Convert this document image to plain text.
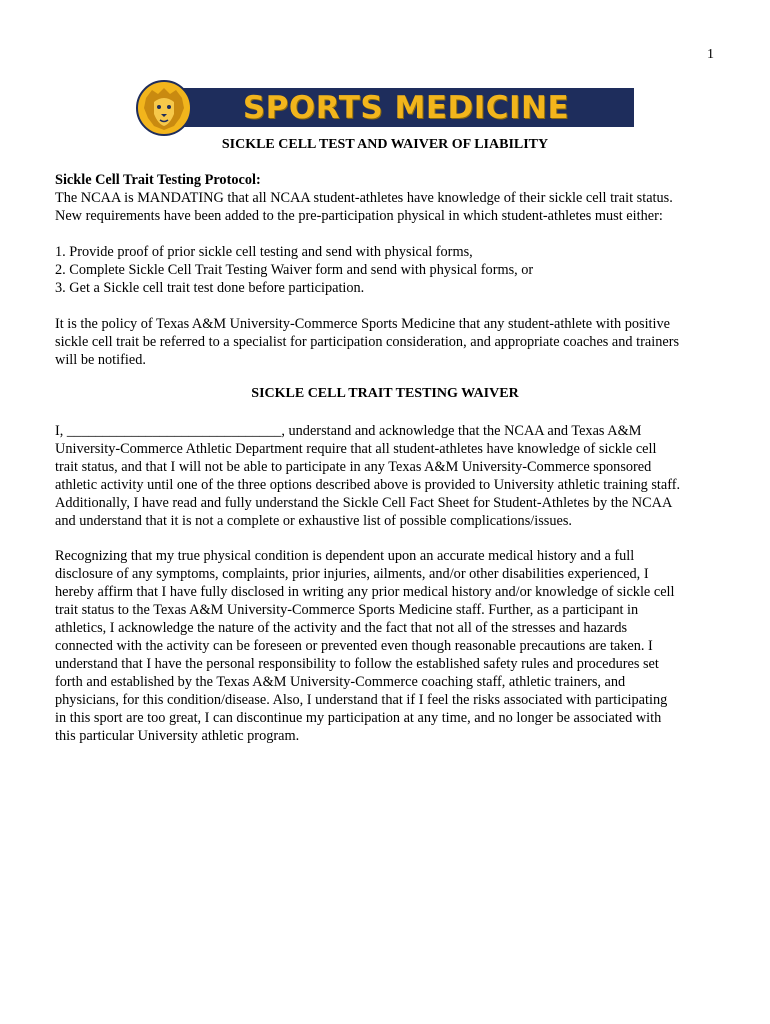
1
SPORTS MEDICINE
SICKLE CELL TEST AND WAIVER OF LIABILITY

Sickle Cell Trait Testing Protocol:

The NCAA is MANDATING that all NCAA student-athletes have knowledge of their sickle cell trait status.

New requirements have been added to the pre-participation physical in which student-athletes must either:

1. Provide proof of prior sickle cell testing and send with physical forms,

2. Complete Sickle Cell Trait Testing Waiver form and send with physical forms, or

3. Get a Sickle cell trait test done before participation.

It is the policy of Texas A&M University-Commerce Sports Medicine that any student-athlete with positive

sickle cell trait be referred to a specialist for participation consideration, and appropriate coaches and trainers

will be notified.

SICKLE CELL TRAIT TESTING WAIVER

I, ______________________________, understand and acknowledge that the NCAA and Texas A&M

University-Commerce Athletic Department require that all student-athletes have knowledge of sickle cell

trait status, and that I will not be able to participate in any Texas A&M University-Commerce sponsored

athletic activity until one of the three options described above is provided to University athletic training staff.

Additionally, I have read and fully understand the Sickle Cell Fact Sheet for Student-Athletes by the NCAA

and understand that it is not a complete or exhaustive list of possible complications/issues.

Recognizing that my true physical condition is dependent upon an accurate medical history and a full

disclosure of any symptoms, complaints, prior injuries, ailments, and/or other disabilities experienced, I

hereby affirm that I have fully disclosed in writing any prior medical history and/or knowledge of sickle cell

trait status to the Texas A&M University-Commerce Sports Medicine staff. Further, as a participant in

athletics, I acknowledge the nature of the activity and the fact that not all of the stresses and hazards

connected with the activity can be foreseen or prevented even though reasonable precautions are taken. I

understand that I have the personal responsibility to follow the established safety rules and procedures set

forth and established by the Texas A&M University-Commerce coaching staff, athletic trainers, and

physicians, for this condition/disease. Also, I understand that if I feel the risks associated with participating

in this sport are too great, I can discontinue my participation at any time, and no longer be associated with

this particular University athletic program.
